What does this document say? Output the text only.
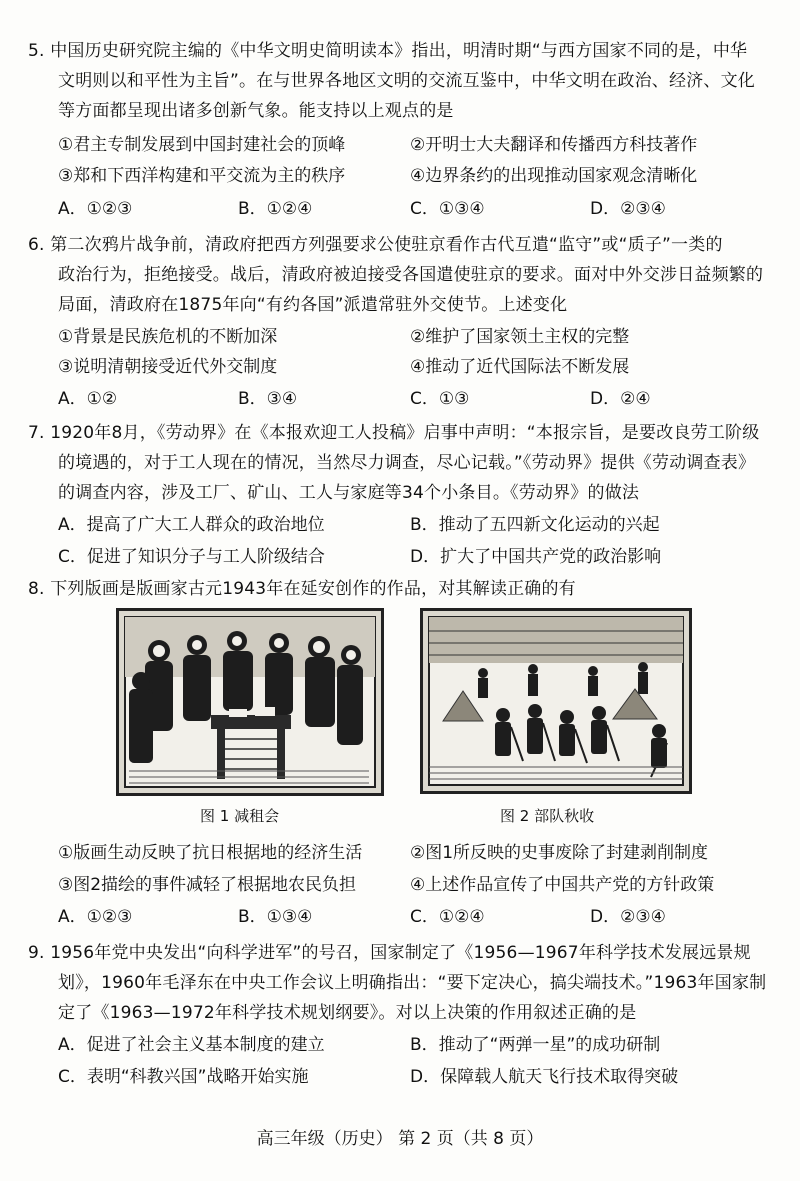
5. 中国历史研究院主编的《中华文明史简明读本》指出，明清时期“与西方国家不同的是，中华
文明则以和平性为主旨”。在与世界各地区文明的交流互鉴中，中华文明在政治、经济、文化
等方面都呈现出诸多创新气象。能支持以上观点的是
①君主专制发展到中国封建社会的顶峰	②开明士大夫翻译和传播西方科技著作
③郑和下西洋构建和平交流为主的秩序	④边界条约的出现推动国家观念清晰化
A．①②③	B．①②④	C．①③④	D．②③④
6. 第二次鸦片战争前，清政府把西方列强要求公使驻京看作古代互遣“监守”或“质子”一类的
政治行为，拒绝接受。战后，清政府被迫接受各国遣使驻京的要求。面对中外交涉日益频繁的
局面，清政府在1875年向“有约各国”派遣常驻外交使节。上述变化
①背景是民族危机的不断加深	②维护了国家领土主权的完整
③说明清朝接受近代外交制度	④推动了近代国际法不断发展
A．①②	B．③④	C．①③	D．②④
7. 1920年8月，《劳动界》在《本报欢迎工人投稿》启事中声明：“本报宗旨，是要改良劳工阶级
的境遇的，对于工人现在的情况，当然尽力调查，尽心记载。”《劳动界》提供《劳动调查表》
的调查内容，涉及工厂、矿山、工人与家庭等34个小条目。《劳动界》的做法
A．提高了广大工人群众的政治地位	B．推动了五四新文化运动的兴起
C．促进了知识分子与工人阶级结合	D．扩大了中国共产党的政治影响
8. 下列版画是版画家古元1943年在延安创作的作品，对其解读正确的有
图 1 减租会	图 2 部队秋收
①版画生动反映了抗日根据地的经济生活	②图1所反映的史事废除了封建剥削制度
③图2描绘的事件减轻了根据地农民负担	④上述作品宣传了中国共产党的方针政策
A．①②③	B．①③④	C．①②④	D．②③④
9. 1956年党中央发出“向科学进军”的号召，国家制定了《1956—1967年科学技术发展远景规
划》，1960年毛泽东在中央工作会议上明确指出：“要下定决心，搞尖端技术。”1963年国家制
定了《1963—1972年科学技术规划纲要》。对以上决策的作用叙述正确的是
A．促进了社会主义基本制度的建立	B．推动了“两弹一星”的成功研制
C．表明“科教兴国”战略开始实施	D．保障载人航天飞行技术取得突破
高三年级（历史） 第 2 页（共 8 页）
